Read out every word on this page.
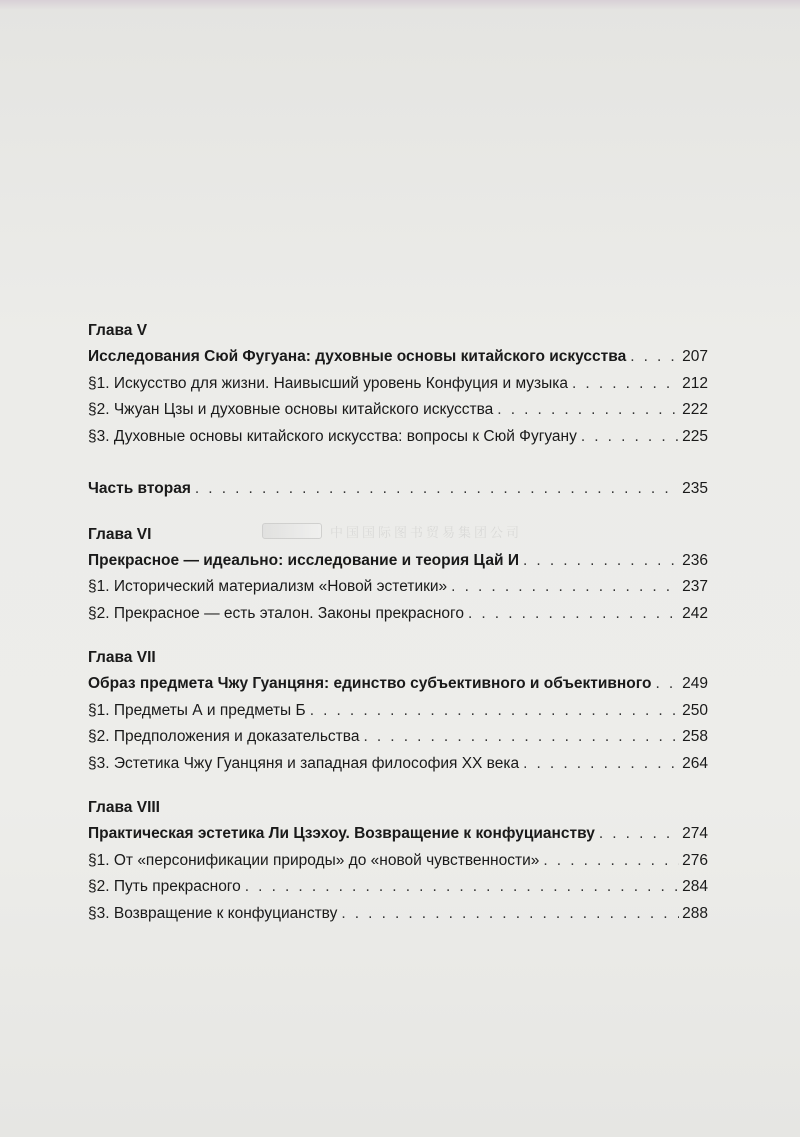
Глава V
Исследования Сюй Фугуана: духовные основы китайского искусства . . .	207
§1. Искусство для жизни. Наивысший уровень Конфуция и музыка . . .	212
§2. Чжуан Цзы и духовные основы китайского искусства . . .	222
§3. Духовные основы китайского искусства: вопросы к Сюй Фугуану . . .	225
Часть вторая . . .	235
Глава VI
Прекрасное — идеально: исследование и теория Цай И . . .	236
§1. Исторический материализм «Новой эстетики» . . .	237
§2. Прекрасное — есть эталон. Законы прекрасного . . .	242
Глава VII
Образ предмета Чжу Гуанцяня: единство субъективного и объективного . . . 249
§1. Предметы А и предметы Б . . .	250
§2. Предположения и доказательства . . .	258
§3. Эстетика Чжу Гуанцяня и западная философия XX века . . .	264
Глава VIII
Практическая эстетика Ли Цзэхоу. Возвращение к конфуцианству . . .	274
§1. От «персонификации природы» до «новой чувственности» . . .	276
§2. Путь прекрасного . . .	284
§3. Возвращение к конфуцианству . . .	288
中国国际图书贸易集团公司
